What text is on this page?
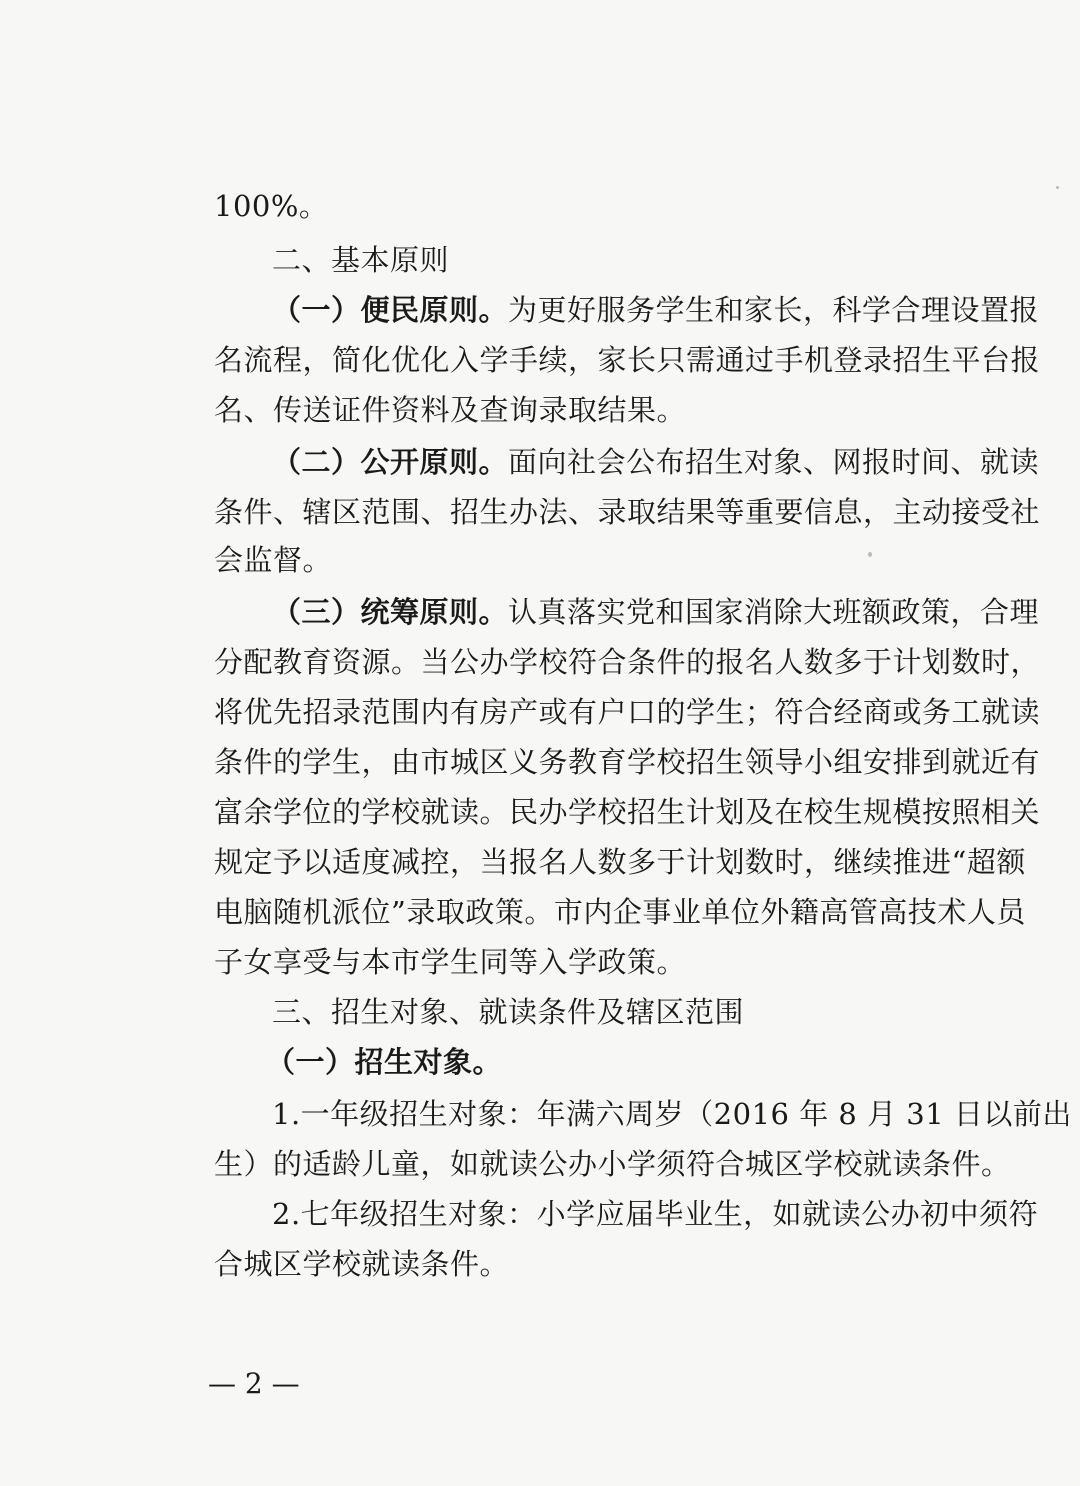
100%。
二、基本原则
（一）便民原则。为更好服务学生和家长，科学合理设置报
名流程，简化优化入学手续，家长只需通过手机登录招生平台报
名、传送证件资料及查询录取结果。
（二）公开原则。面向社会公布招生对象、网报时间、就读
条件、辖区范围、招生办法、录取结果等重要信息，主动接受社
会监督。
（三）统筹原则。认真落实党和国家消除大班额政策，合理
分配教育资源。当公办学校符合条件的报名人数多于计划数时，
将优先招录范围内有房产或有户口的学生；符合经商或务工就读
条件的学生，由市城区义务教育学校招生领导小组安排到就近有
富余学位的学校就读。民办学校招生计划及在校生规模按照相关
规定予以适度减控，当报名人数多于计划数时，继续推进“超额
电脑随机派位”录取政策。市内企事业单位外籍高管高技术人员
子女享受与本市学生同等入学政策。
三、招生对象、就读条件及辖区范围
（一）招生对象。
1.一年级招生对象：年满六周岁（2016 年 8 月 31 日以前出
生）的适龄儿童，如就读公办小学须符合城区学校就读条件。
2.七年级招生对象：小学应届毕业生，如就读公办初中须符
合城区学校就读条件。
— 2 —
